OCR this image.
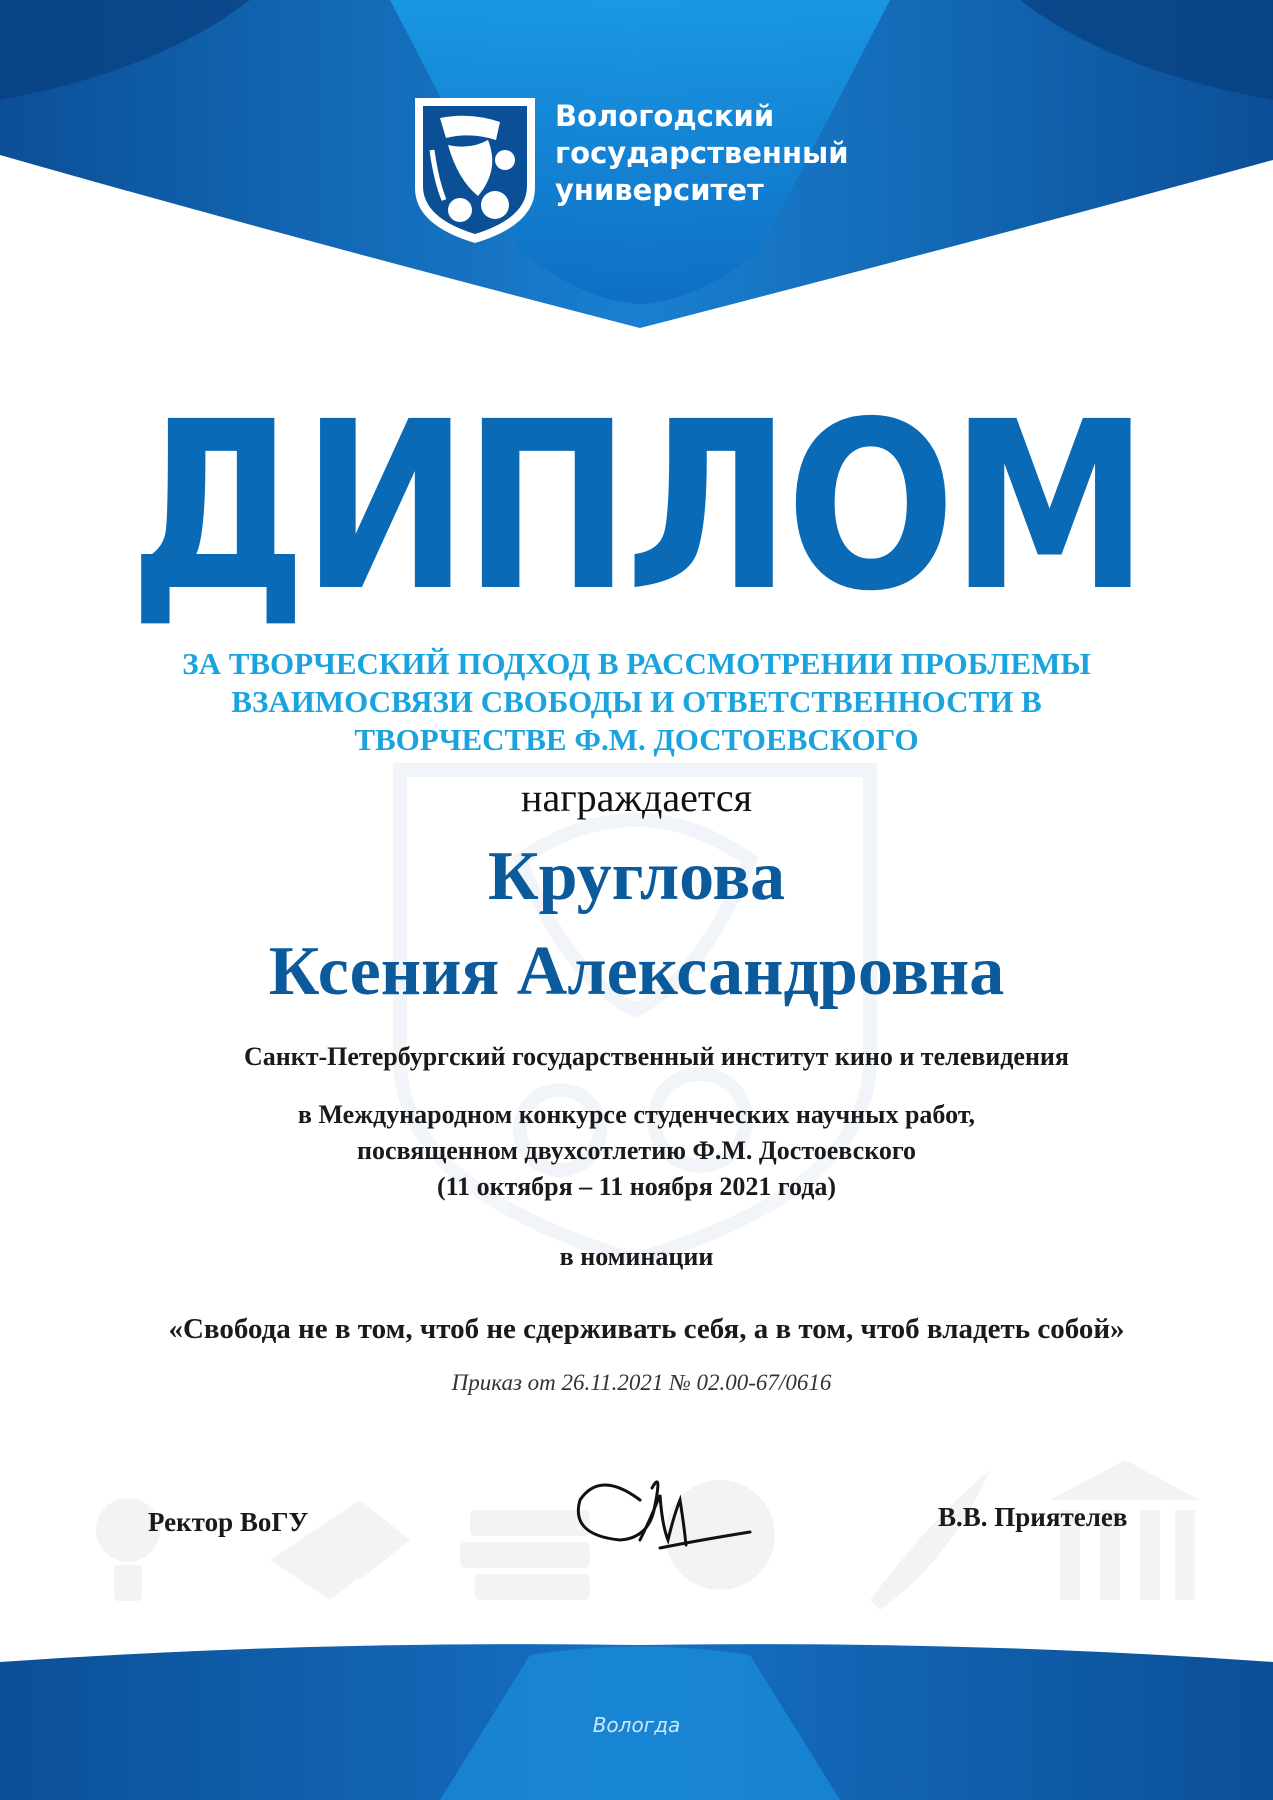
Вологодский
государственный
университет
ДИПЛОМ
ЗА ТВОРЧЕСКИЙ ПОДХОД В РАССМОТРЕНИИ ПРОБЛЕМЫ
ВЗАИМОСВЯЗИ СВОБОДЫ И ОТВЕТСТВЕННОСТИ В
ТВОРЧЕСТВЕ Ф.М. ДОСТОЕВСКОГО
награждается
Круглова
Ксения Александровна
Санкт-Петербургский государственный институт кино и телевидения
в Международном конкурсе студенческих научных работ,
посвященном двухсотлетию Ф.М. Достоевского
(11 октября – 11 ноября 2021 года)
в номинации
«Свобода не в том, чтоб не сдерживать себя, а в том, чтоб владеть собой»
Приказ от 26.11.2021 № 02.00-67/0616
Ректор ВоГУ	В.В. Приятелев
Вологда
